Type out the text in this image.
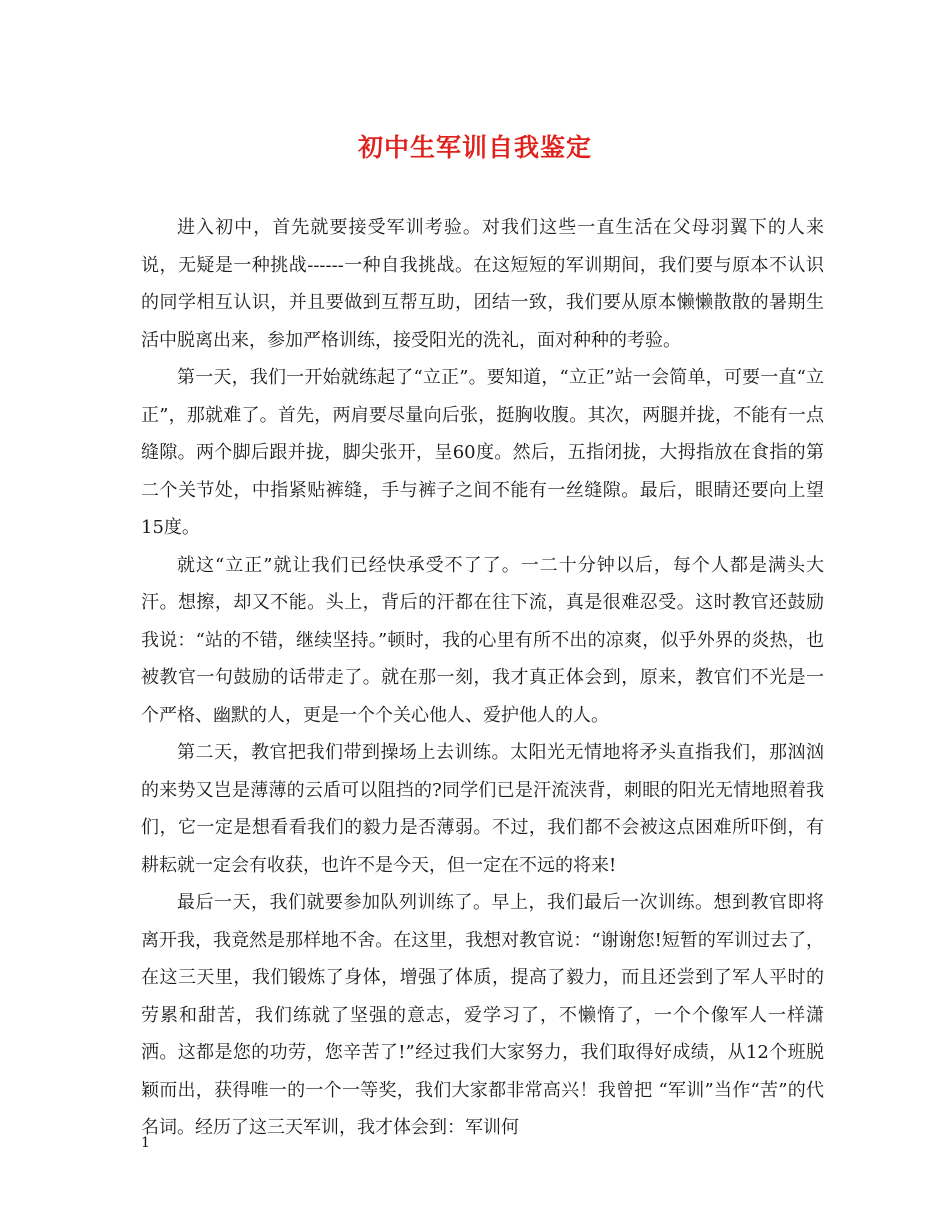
初中生军训自我鉴定

进入初中，首先就要接受军训考验。对我们这些一直生活在父母羽翼下的人来说，无疑是一种挑战------一种自我挑战。在这短短的军训期间，我们要与原本不认识的同学相互认识，并且要做到互帮互助，团结一致，我们要从原本懒懒散散的暑期生活中脱离出来，参加严格训练，接受阳光的洗礼，面对种种的考验。

第一天，我们一开始就练起了“立正”。要知道，“立正”站一会简单，可要一直“立正”，那就难了。首先，两肩要尽量向后张，挺胸收腹。其次，两腿并拢，不能有一点缝隙。两个脚后跟并拢，脚尖张开，呈60度。然后，五指闭拢，大拇指放在食指的第二个关节处，中指紧贴裤缝，手与裤子之间不能有一丝缝隙。最后，眼睛还要向上望15度。

就这“立正”就让我们已经快承受不了了。一二十分钟以后，每个人都是满头大汗。想擦，却又不能。头上，背后的汗都在往下流，真是很难忍受。这时教官还鼓励我说：“站的不错，继续坚持。”顿时，我的心里有所不出的凉爽，似乎外界的炎热，也被教官一句鼓励的话带走了。就在那一刻，我才真正体会到，原来，教官们不光是一个严格、幽默的人，更是一个个关心他人、爱护他人的人。

第二天，教官把我们带到操场上去训练。太阳光无情地将矛头直指我们，那汹汹的来势又岂是薄薄的云盾可以阻挡的?同学们已是汗流浃背，刺眼的阳光无情地照着我们，它一定是想看看我们的毅力是否薄弱。不过，我们都不会被这点困难所吓倒，有耕耘就一定会有收获，也许不是今天，但一定在不远的将来!

最后一天，我们就要参加队列训练了。早上，我们最后一次训练。想到教官即将离开我，我竟然是那样地不舍。在这里，我想对教官说：“谢谢您!短暂的军训过去了，在这三天里，我们锻炼了身体，增强了体质，提高了毅力，而且还尝到了军人平时的劳累和甜苦，我们练就了坚强的意志，爱学习了，不懒惰了，一个个像军人一样潇洒。这都是您的功劳，您辛苦了!”经过我们大家努力，我们取得好成绩，从12个班脱颖而出，获得唯一的一个一等奖，我们大家都非常高兴！我曾把 “军训”当作“苦”的代名词。经历了这三天军训，我才体会到：军训何

1
